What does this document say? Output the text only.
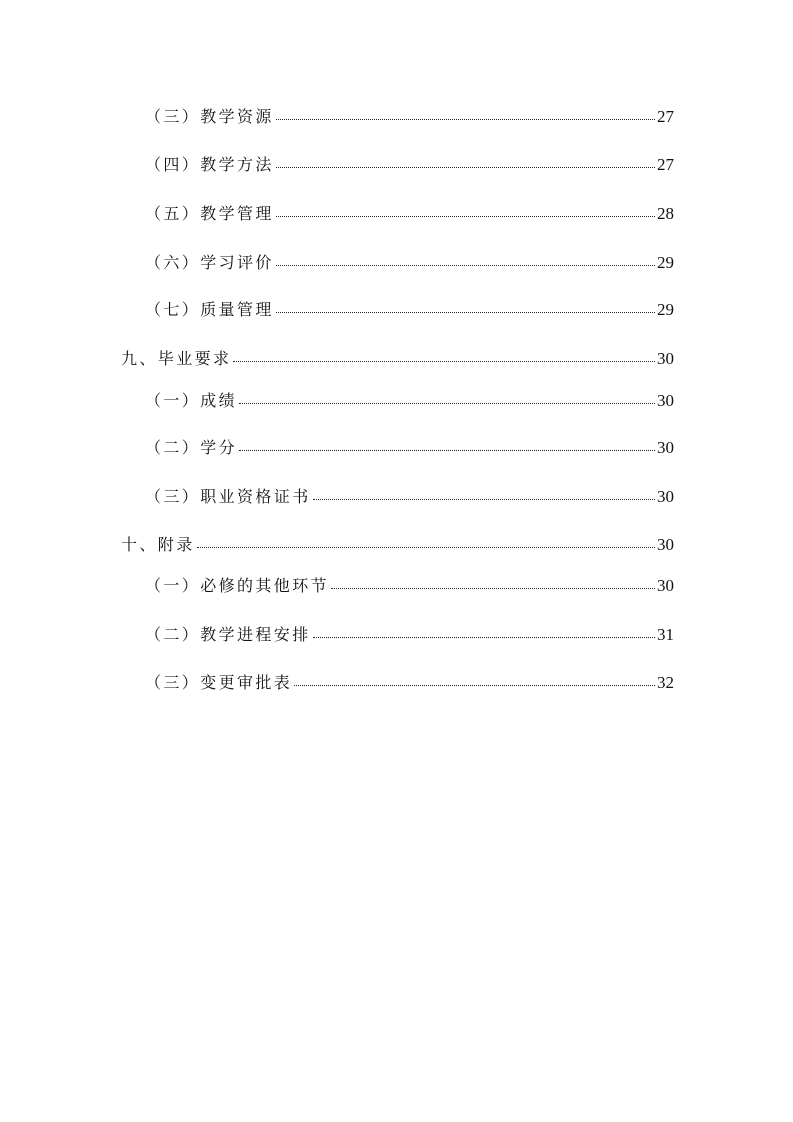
（三）教学资源	27
（四）教学方法	27
（五）教学管理	28
（六）学习评价	29
（七）质量管理	29
九、毕业要求	30
（一）成绩	30
（二）学分	30
（三）职业资格证书	30
十、附录	30
（一）必修的其他环节	30
（二）教学进程安排	31
（三）变更审批表	32
